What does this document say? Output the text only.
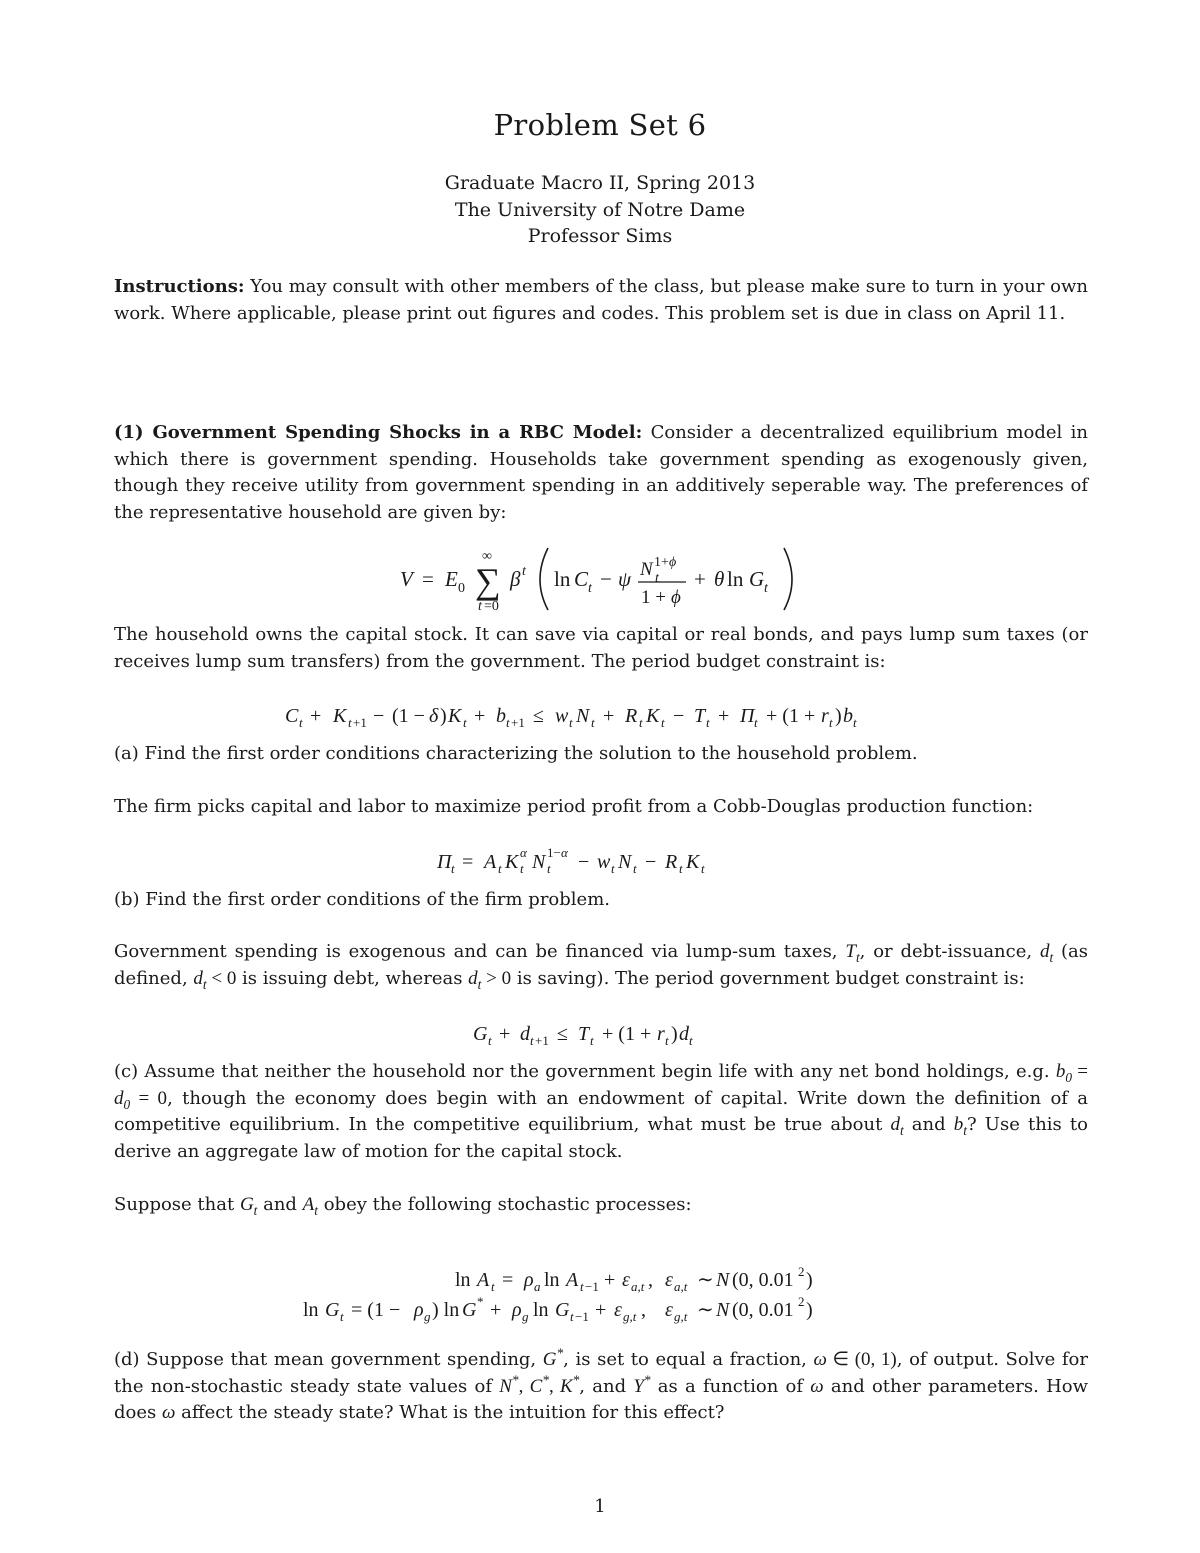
Problem Set 6
Graduate Macro II, Spring 2013
The University of Notre Dame
Professor Sims
Instructions: You may consult with other members of the class, but please make sure to turn in your own work. Where applicable, please print out figures and codes. This problem set is due in class on April 11.
(1) Government Spending Shocks in a RBC Model: Consider a decentralized equilibrium model in which there is government spending. Households take government spending as exogenously given, though they receive utility from government spending in an additively seperable way. The preferences of the representative household are given by:
V = E 0
∞
∑
t =0
β t ln C t − ψ N 1+ ϕ
t
1 + ϕ
+ θ ln G t
C t + K t +1 − (1 − δ ) K t + b t +1 ≤ w t N t + R t K t − T t + Π t + (1 + r t ) b t
Π t = A t K t
α N t
1− α − w t N t − R t K t
G t + d t +1 ≤ T t + (1 + r t ) d t
ln A t = ρ a ln A t −1 + ε a,t , ε a,t ∼ N (0, 0.01 2 )
ln G t = (1 − ρ g ) ln G * + ρ g ln G t −1 + ε g,t , ε g,t ∼ N (0, 0.01 2 )
The household owns the capital stock. It can save via capital or real bonds, and pays lump sum taxes (or receives lump sum transfers) from the government. The period budget constraint is:
(a) Find the first order conditions characterizing the solution to the household problem.
The firm picks capital and labor to maximize period profit from a Cobb-Douglas production function:
(b) Find the first order conditions of the firm problem.
Government spending is exogenous and can be financed via lump-sum taxes, $T_t$, or debt-issuance, $d_t$ (as defined, $d_t < 0$ is issuing debt, whereas $d_t > 0$ is saving). The period government budget constraint is:
(c) Assume that neither the household nor the government begin life with any net bond holdings, e.g. $b_0 = d_0 = 0$, though the economy does begin with an endowment of capital. Write down the definition of a competitive equilibrium. In the competitive equilibrium, what must be true about $d_t$ and $b_t$? Use this to derive an aggregate law of motion for the capital stock.
Suppose that $G_t$ and $A_t$ obey the following stochastic processes:
(d) Suppose that mean government spending, G*, is set to equal a fraction, ω ∈ (0, 1), of output. Solve for the non-stochastic steady state values of N*, C*, K*, and Y* as a function of ω and other parameters. How does ω affect the steady state? What is the intuition for this effect?
1
